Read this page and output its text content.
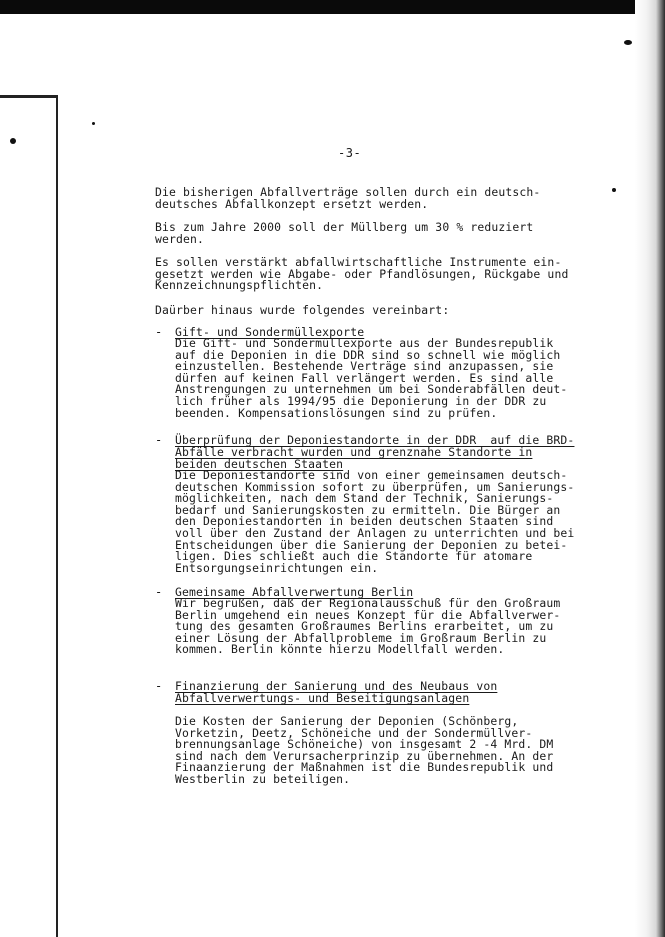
-3-

Die bisherigen Abfallverträge sollen durch ein deutsch-
deutsches Abfallkonzept ersetzt werden.

Bis zum Jahre 2000 soll der Müllberg um 30 % reduziert
werden.

Es sollen verstärkt abfallwirtschaftliche Instrumente ein-
gesetzt werden wie Abgabe- oder Pfandlösungen, Rückgabe und
Kennzeichnungspflichten.

Daürber hinaus wurde folgendes vereinbart:

- Gift- und Sondermüllexporte

Die Gift- und Sondermüllexporte aus der Bundesrepublik
auf die Deponien in die DDR sind so schnell wie möglich
einzustellen. Bestehende Verträge sind anzupassen, sie
dürfen auf keinen Fall verlängert werden. Es sind alle
Anstrengungen zu unternehmen um bei Sonderabfällen deut-
lich früher als 1994/95 die Deponierung in der DDR zu
beenden. Kompensationslösungen sind zu prüfen.

- Überprüfung der Deponiestandorte in der DDR  auf die BRD-
Abfälle verbracht wurden und grenznahe Standorte in
beiden deutschen Staaten

Die Deponiestandorte sind von einer gemeinsamen deutsch-
deutschen Kommission sofort zu überprüfen, um Sanierungs-
möglichkeiten, nach dem Stand der Technik, Sanierungs-
bedarf und Sanierungskosten zu ermitteln. Die Bürger an
den Deponiestandorten in beiden deutschen Staaten sind
voll über den Zustand der Anlagen zu unterrichten und bei
Entscheidungen über die Sanierung der Deponien zu betei-
ligen. Dies schließt auch die Standorte für atomare
Entsorgungseinrichtungen ein.

- Gemeinsame Abfallverwertung Berlin

Wir begrüßen, daß der Regionalausschuß für den Großraum
Berlin umgehend ein neues Konzept für die Abfallverwer-
tung des gesamten Großraumes Berlins erarbeitet, um zu
einer Lösung der Abfallprobleme im Großraum Berlin zu
kommen. Berlin könnte hierzu Modellfall werden.

- Finanzierung der Sanierung und des Neubaus von
Abfallverwertungs- und Beseitigungsanlagen

Die Kosten der Sanierung der Deponien (Schönberg,
Vorketzin, Deetz, Schöneiche und der Sondermüllver-
brennungsanlage Schöneiche) von insgesamt 2 -4 Mrd. DM
sind nach dem Verursacherprinzip zu übernehmen. An der
Finaanzierung der Maßnahmen ist die Bundesrepublik und
Westberlin zu beteiligen.
